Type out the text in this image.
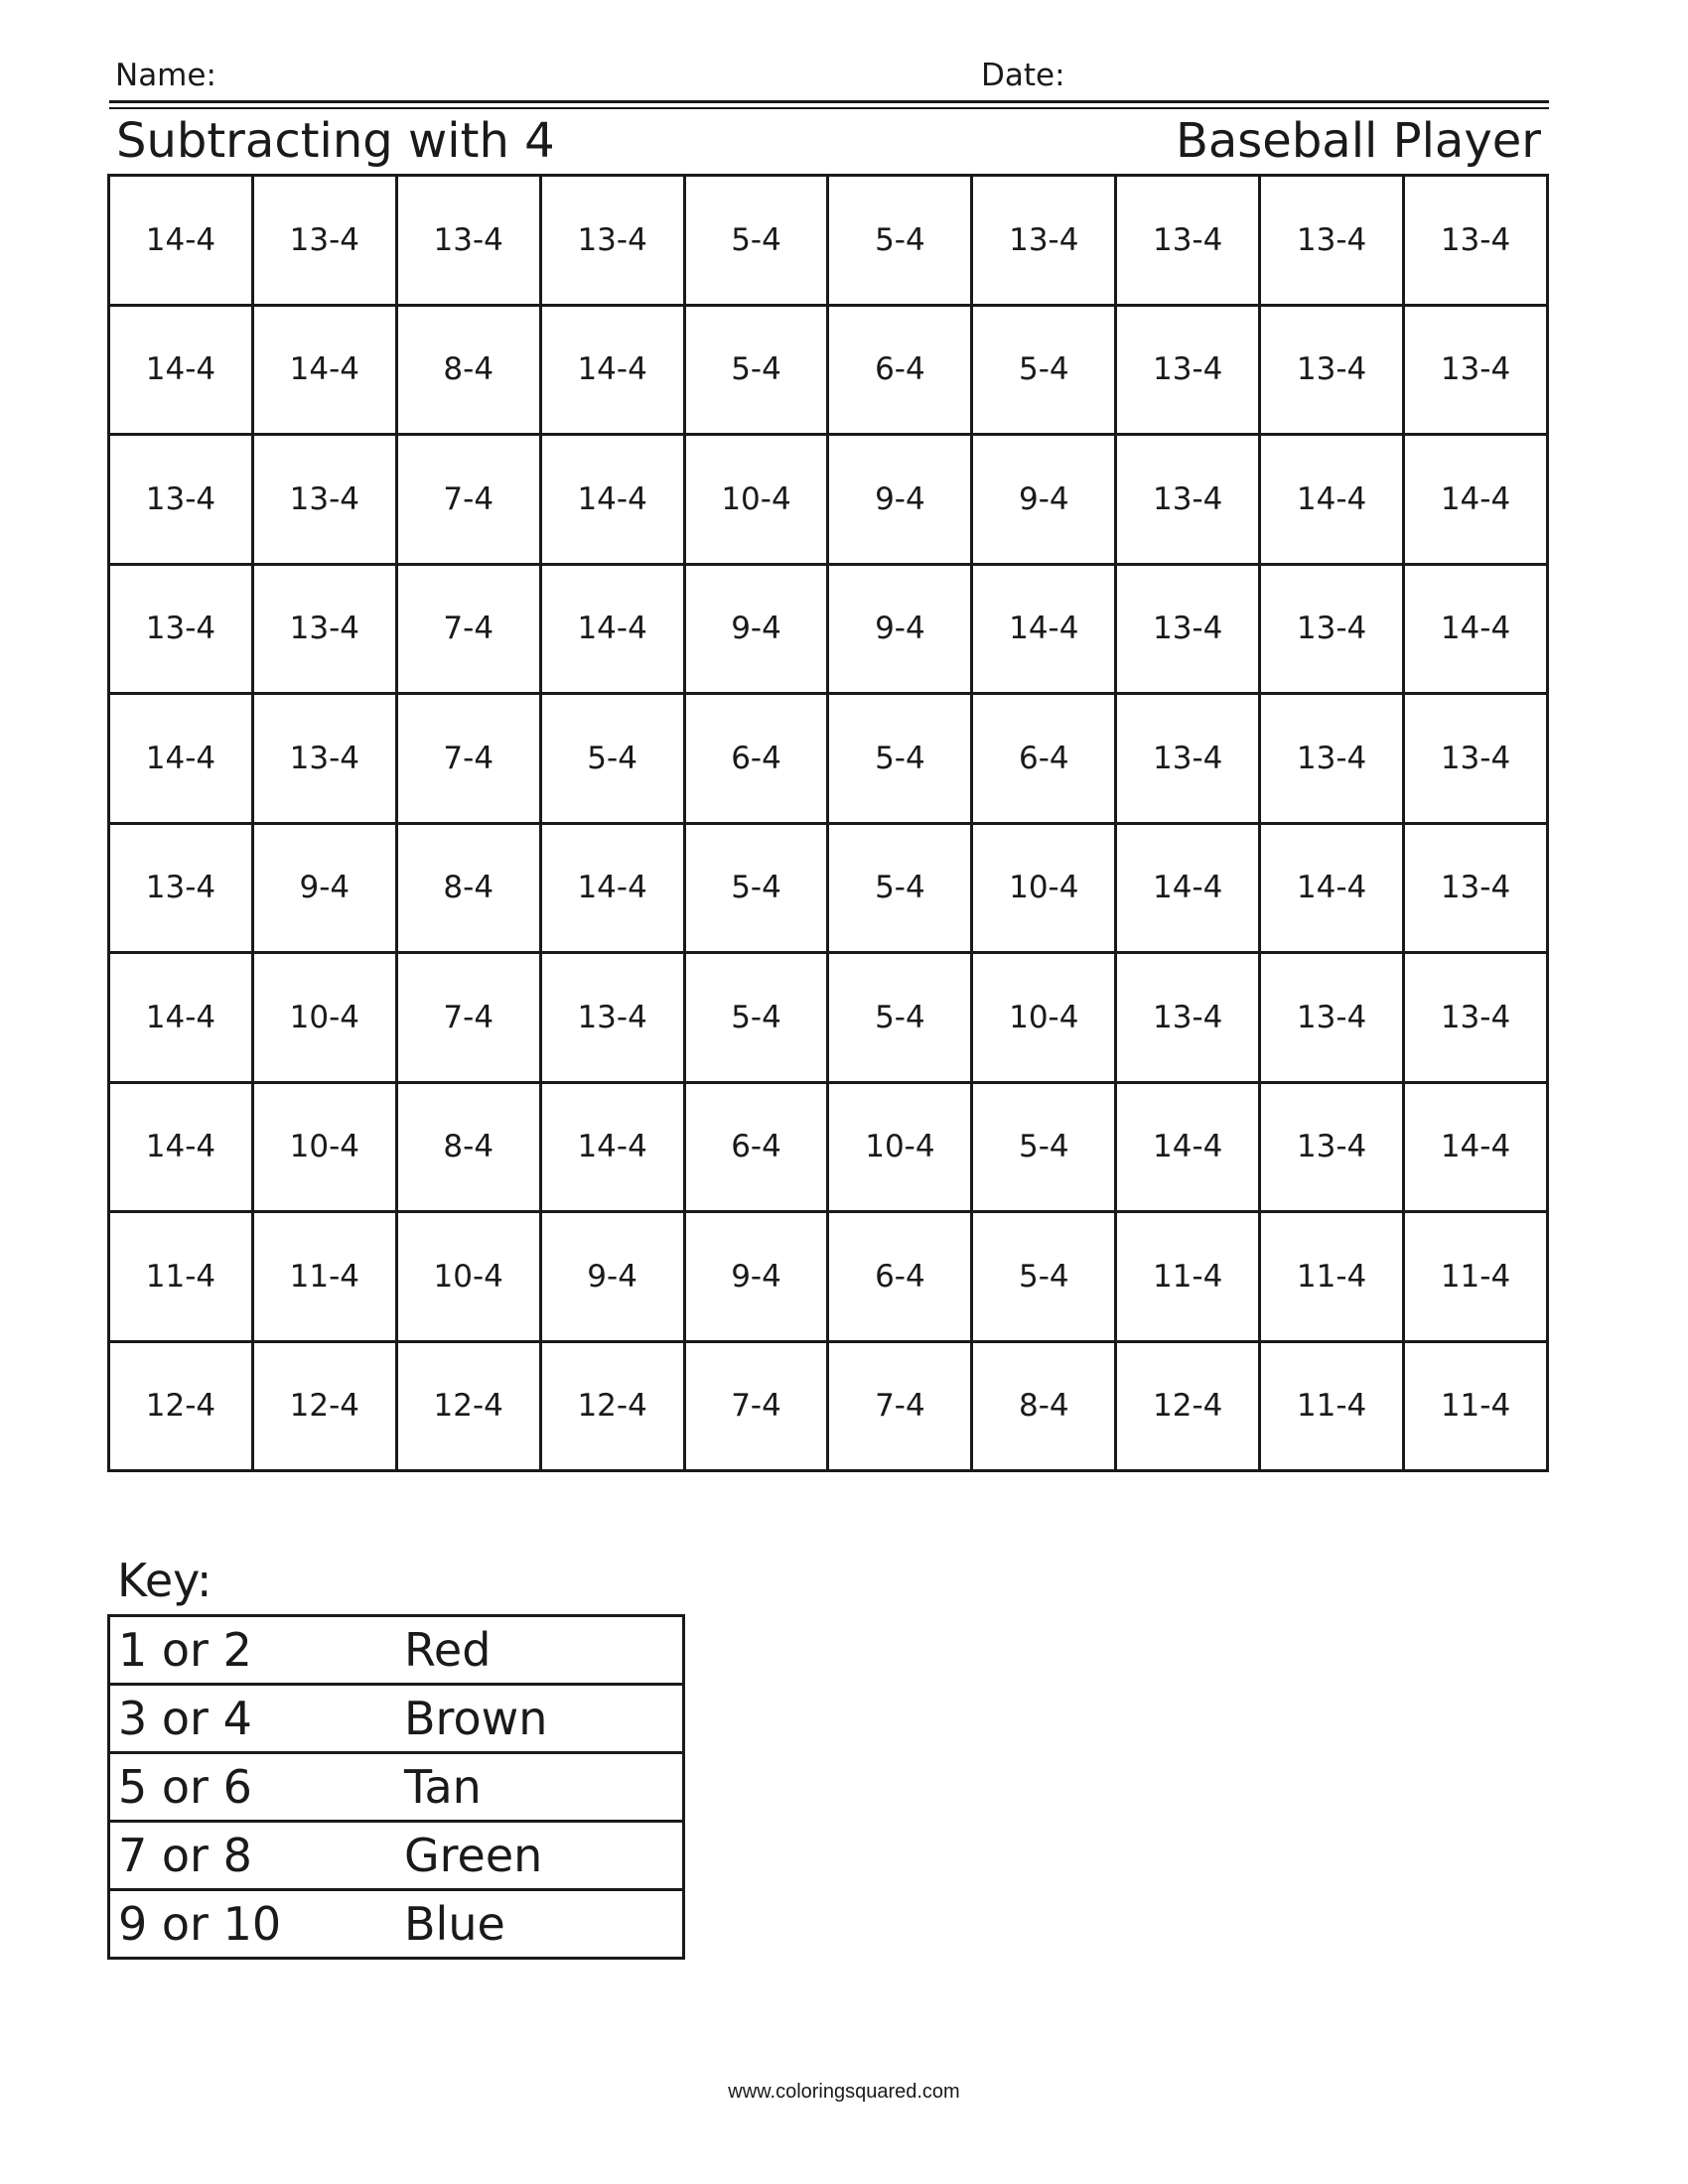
Name:	Date:
Subtracting with 4	Baseball Player
14-4	13-4	13-4	13-4	5-4	5-4	13-4	13-4	13-4	13-4
14-4	14-4	8-4	14-4	5-4	6-4	5-4	13-4	13-4	13-4
13-4	13-4	7-4	14-4	10-4	9-4	9-4	13-4	14-4	14-4
13-4	13-4	7-4	14-4	9-4	9-4	14-4	13-4	13-4	14-4
14-4	13-4	7-4	5-4	6-4	5-4	6-4	13-4	13-4	13-4
13-4	9-4	8-4	14-4	5-4	5-4	10-4	14-4	14-4	13-4
14-4	10-4	7-4	13-4	5-4	5-4	10-4	13-4	13-4	13-4
14-4	10-4	8-4	14-4	6-4	10-4	5-4	14-4	13-4	14-4
11-4	11-4	10-4	9-4	9-4	6-4	5-4	11-4	11-4	11-4
12-4	12-4	12-4	12-4	7-4	7-4	8-4	12-4	11-4	11-4
Key:
1 or 2	Red
3 or 4	Brown
5 or 6	Tan
7 or 8	Green
9 or 10	Blue
www.coloringsquared.com
